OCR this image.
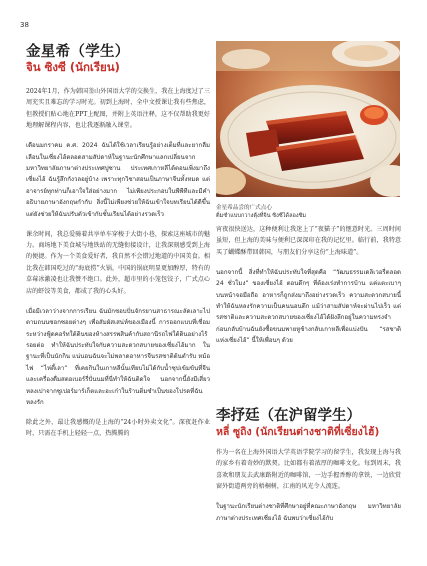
38
金星希（学生）
จิน ซิงซี (นักเรียน)

2024年1月，作为韩国釜山外国语大学的交换生，我在上海度过了三周充实且难忘的学习时光。初到上海时，全中文授课让我有些焦虑，但教授们贴心地在PPT上配图，并附上英语注释，这不仅帮助我更好地理解课程内容，也让我逐渐融入课堂。

เดือนมกราคม ค.ศ. 2024 ฉันได้ใช้เวลาเรียนรู้อย่างเต็มที่และยากลืมเลือนในเซี่ยงไฮ้ตลอดสามสัปดาห์ในฐานะนักศึกษาแลกเปลี่ยนจากมหาวิทยาลัยภาษาต่างประเทศปูซาน ประเทศเกาหลีได้ตอนเพิ่งมาถึงเซี่ยงไฮ้ ฉันรู้สึกกังวลอยู่บ้าง เพราะทุกวิชาสอนเป็นภาษาจีนทั้งหมด แต่อาจารย์ทุกท่านก็เอาใจใส่อย่างมาก ไม่เพียงประกอบในพีพีทีและมีคำอธิบายภาษาอังกฤษกำกับ สิ่งนี้ไม่เพียงช่วยให้ฉันเข้าใจบทเรียนได้ดีขึ้น แต่ยังช่วยให้ฉันปรับตัวเข้ากับชั้นเรียนได้อย่างรวดเร็ว

课余时间，我总爱骑着共享单车穿梭于大街小巷，探索这座城市的魅力。商场地下美食城与地铁站的无缝衔接设计，让我深刻感受到上海的便捷。作为一个美食爱好者，我自然不会错过地道的中国美食。相比我在韩国吃过的“海底捞”火锅，中国的锅底明显更加醇厚，特有的草莓冰激凌也让我赞不绝口。此外，超市里的小笼包饺子，广式点心店的虾饺等美食，都成了我的心头好。

เมื่อมีเวลาว่างจากการเรียน ฉันมักชอบปั่นจักรยานสาธารณะลัดเลาะไปตามถนนซอกซอยต่างๆ เพื่อสัมผัสเสน่ห์ของเมืองนี้ การออกแบบที่เชื่อมระหว่างฟู้ดคอร์ทใต้ดินของห้างสรรพสินค้ากับสถานีรถไฟใต้ดินอย่างไร้รอยต่อ ทำให้ฉันประทับใจกับความสะดวกสบายของเซี่ยงไฮ้มาก ในฐานะที่เป็นนักกิน แน่นอนฉันจะไม่พลาดอาหารจีนรสชาติต้นตำรับ หม้อไฟ “ไห่ตี้เลา” ที่เคยกินในเกาหลีนั้นเทียบไม่ได้กับน้ำซุปเข้มข้นที่จีน และเครื่องดื่มสตอเบอร์รี่ปั่นนมที่นี่ทำให้ฉันติดใจ นอกจากนี้ยังมีเสี่ยวหลงเปาจากซูเปอร์มาร์เก็ตและฮะเก๋าในร้านติ่มซำเป็นของโปรดที่ฉันหลงรัก

除此之外，最让我感慨的是上海的“24小时外卖文化”。深夜赶作业时，只需在手机上轻轻一点，热腾腾的

金星希品尝的广式点心
ติ่มซำแบบกวางตุ้งที่จิน ซิงซีได้ลองชิม

宵夜很快送达，这种便利让我迷上了“夜猫子”的惬意时光。三周时间虽短，但上海的美味与便利已深深印在我的记忆里。临行前，我特意买了蝴蝶酥带回韩国，与朋友们分享这份“上海味道”。

นอกจากนี้ สิ่งที่ทำให้ฉันประทับใจที่สุดคือ “วัฒนธรรมเดลิเวอรี่ตลอด 24 ชั่วโมง” ของเซี่ยงไฮ้ ตอนดึกๆ ที่ต้องเร่งทำการบ้าน แค่แตะเบาๆ บนหน้าจอมือถือ อาหารก็ถูกส่งมาถึงอย่างรวดเร็ว ความสะดวกสบายนี้ทำให้ฉันหลงรักความเป็นคนนอนดึก แม้ว่าสามสัปดาห์จะผ่านไปเร็ว แต่รสชาติและความสะดวกสบายของเซี่ยงไฮ้ได้ฝังลึกอยู่ในความทรงจำ ก่อนกลับบ้านฉันยังซื้อขนมพายหูช้างกลับเกาหลีเพื่อแบ่งปัน “รสชาติแห่งเซี่ยงไฮ้” นี้ให้เพื่อนๆ ด้วย

李抒廷（在沪留学生）
หลี่ ซูถิง (นักเรียนต่างชาติที่เซี่ยงไฮ้)

作为一名在上海外国语大学英语学院学习的留学生，我发现上海与我的家乡有着奇妙的默契。比如都有着浓厚的咖啡文化。每到周末，我喜欢和朋友去武康路附近的咖啡馆，一边手握香醇的拿铁，一边欣赏窗外街道两旁的梧桐树，江南的风光令人流连。

ในฐานะนักเรียนต่างชาติที่ศึกษาอยู่ที่คณะภาษาอังกฤษ มหาวิทยาลัยภาษาต่างประเทศเซี่ยงไฮ้ ฉันพบว่าเซี่ยงไฮ้กับ
